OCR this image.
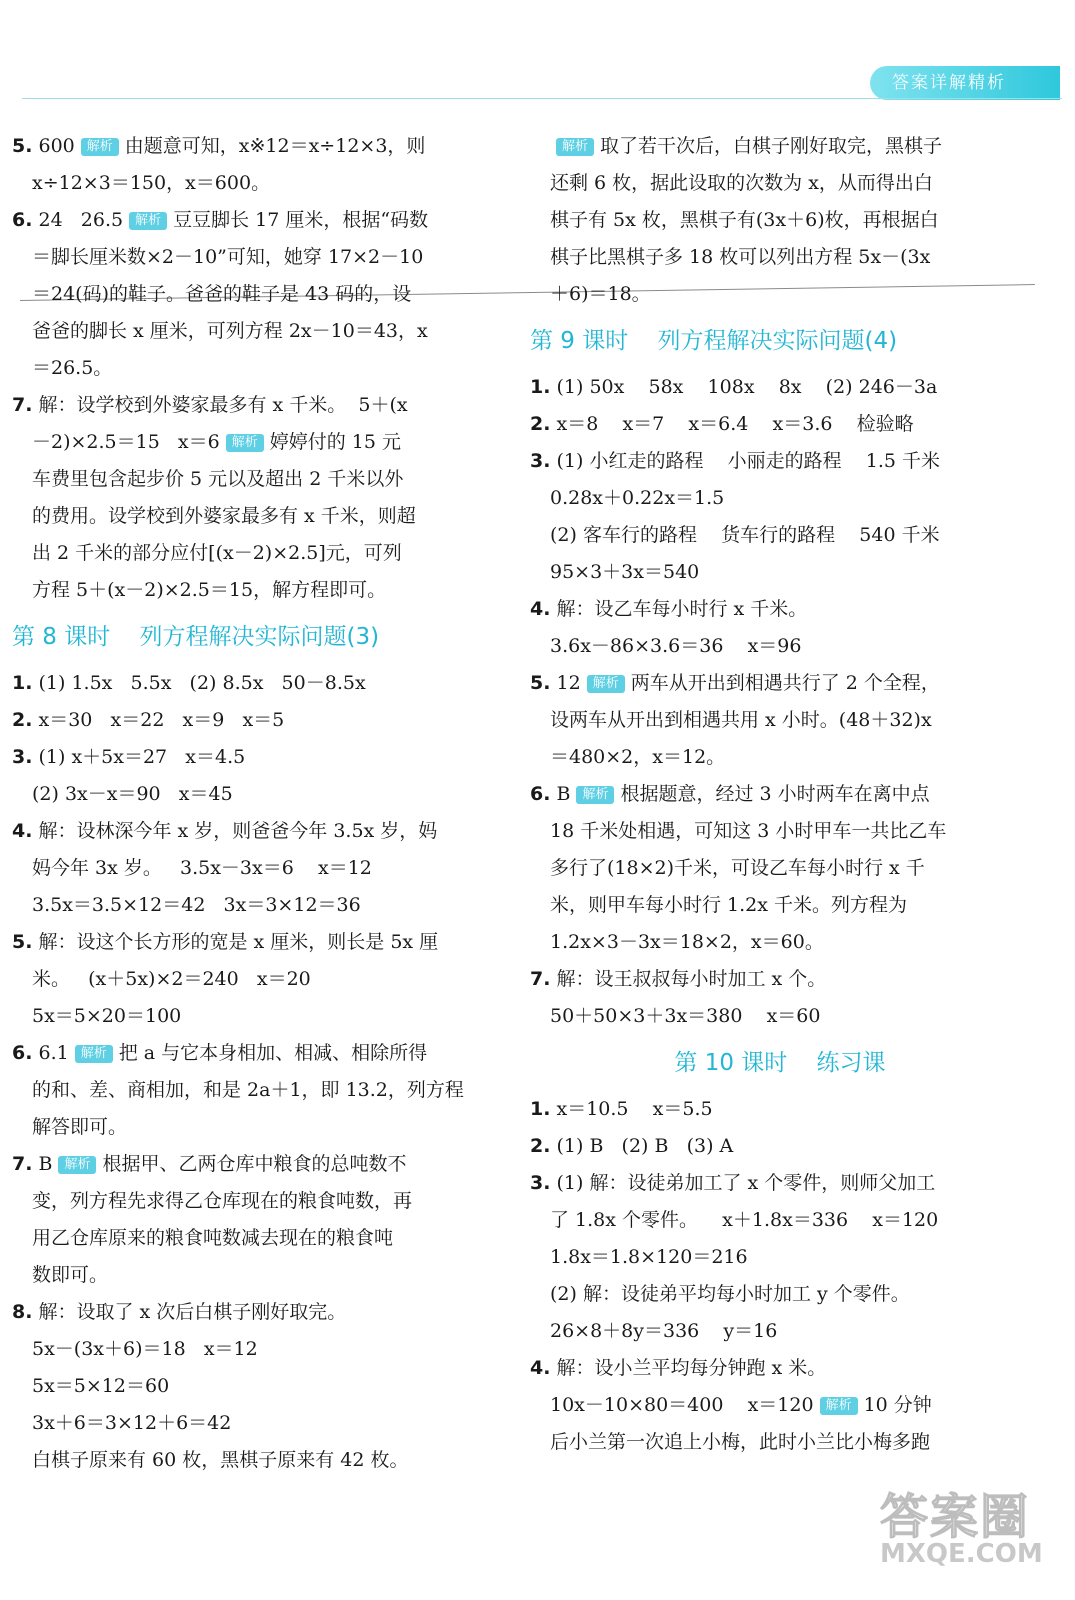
答案详解精析
5. 600 解析 由题意可知，x※12＝x÷12×3，则
x÷12×3＝150，x＝600。
6. 24   26.5 解析 豆豆脚长 17 厘米，根据“码数
＝脚长厘米数×2－10”可知，她穿 17×2－10
＝24(码)的鞋子。爸爸的鞋子是 43 码的，设
爸爸的脚长 x 厘米，可列方程 2x－10＝43，x
＝26.5。
7. 解：设学校到外婆家最多有 x 千米。  5＋(x
－2)×2.5＝15   x＝6 解析 婷婷付的 15 元
车费里包含起步价 5 元以及超出 2 千米以外
的费用。设学校到外婆家最多有 x 千米，则超
出 2 千米的部分应付[(x－2)×2.5]元，可列
方程 5＋(x－2)×2.5＝15，解方程即可。
第 8 课时    列方程解决实际问题(3)
1. (1) 1.5x   5.5x   (2) 8.5x   50－8.5x
2. x＝30   x＝22   x＝9   x＝5
3. (1) x＋5x＝27   x＝4.5
(2) 3x－x＝90   x＝45
4. 解：设林深今年 x 岁，则爸爸今年 3.5x 岁，妈
妈今年 3x 岁。   3.5x－3x＝6    x＝12
3.5x＝3.5×12＝42   3x＝3×12＝36
5. 解：设这个长方形的宽是 x 厘米，则长是 5x 厘
米。   (x＋5x)×2＝240   x＝20
5x＝5×20＝100
6. 6.1 解析 把 a 与它本身相加、相减、相除所得
的和、差、商相加，和是 2a＋1，即 13.2，列方程
解答即可。
7. B 解析 根据甲、乙两仓库中粮食的总吨数不
变，列方程先求得乙仓库现在的粮食吨数，再
用乙仓库原来的粮食吨数减去现在的粮食吨
数即可。
8. 解：设取了 x 次后白棋子刚好取完。
5x－(3x＋6)＝18   x＝12
5x＝5×12＝60
3x＋6＝3×12＋6＝42
白棋子原来有 60 枚，黑棋子原来有 42 枚。
解析 取了若干次后，白棋子刚好取完，黑棋子
还剩 6 枚，据此设取的次数为 x，从而得出白
棋子有 5x 枚，黑棋子有(3x＋6)枚，再根据白
棋子比黑棋子多 18 枚可以列出方程 5x－(3x
＋6)＝18。
第 9 课时    列方程解决实际问题(4)
1. (1) 50x    58x    108x    8x    (2) 246－3a
2. x＝8    x＝7    x＝6.4    x＝3.6    检验略
3. (1) 小红走的路程    小丽走的路程    1.5 千米
0.28x＋0.22x＝1.5
(2) 客车行的路程    货车行的路程    540 千米
95×3＋3x＝540
4. 解：设乙车每小时行 x 千米。
3.6x－86×3.6＝36    x＝96
5. 12 解析 两车从开出到相遇共行了 2 个全程，
设两车从开出到相遇共用 x 小时。(48＋32)x
＝480×2，x＝12。
6. B 解析 根据题意，经过 3 小时两车在离中点
18 千米处相遇，可知这 3 小时甲车一共比乙车
多行了(18×2)千米，可设乙车每小时行 x 千
米，则甲车每小时行 1.2x 千米。列方程为
1.2x×3－3x＝18×2，x＝60。
7. 解：设王叔叔每小时加工 x 个。
50＋50×3＋3x＝380    x＝60
第 10 课时    练习课
1. x＝10.5    x＝5.5
2. (1) B   (2) B   (3) A
3. (1) 解：设徒弟加工了 x 个零件，则师父加工
了 1.8x 个零件。    x＋1.8x＝336    x＝120
1.8x＝1.8×120＝216
(2) 解：设徒弟平均每小时加工 y 个零件。
26×8＋8y＝336    y＝16
4. 解：设小兰平均每分钟跑 x 米。
10x－10×80＝400    x＝120 解析 10 分钟
后小兰第一次追上小梅，此时小兰比小梅多跑
答案圈
MXQE.COM
